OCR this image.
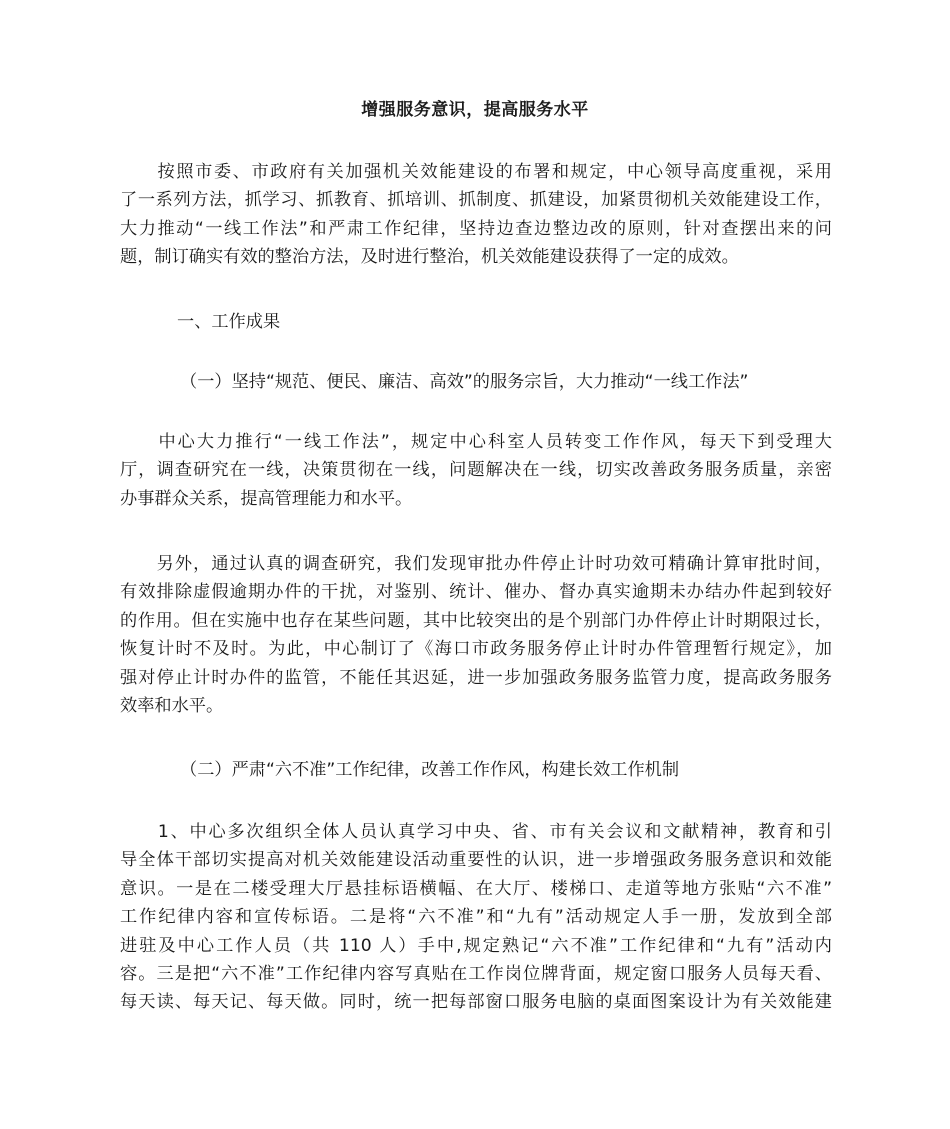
增强服务意识，提高服务水平
　　按照市委、市政府有关加强机关效能建设的布署和规定，中心领导高度重视，采用
了一系列方法，抓学习、抓教育、抓培训、抓制度、抓建设，加紧贯彻机关效能建设工作，
大力推动“一线工作法”和严肃工作纪律，坚持边查边整边改的原则，针对查摆出来的问
题，制订确实有效的整治方法，及时进行整治，机关效能建设获得了一定的成效。
一、工作成果
（一）坚持“规范、便民、廉洁、高效”的服务宗旨，大力推动“一线工作法”
　　中心大力推行“一线工作法”，规定中心科室人员转变工作作风，每天下到受理大
厅，调查研究在一线，决策贯彻在一线，问题解决在一线，切实改善政务服务质量，亲密
办事群众关系，提高管理能力和水平。
　　另外，通过认真的调查研究，我们发现审批办件停止计时功效可精确计算审批时间，
有效排除虚假逾期办件的干扰，对鉴别、统计、催办、督办真实逾期未办结办件起到较好
的作用。但在实施中也存在某些问题，其中比较突出的是个别部门办件停止计时期限过长，
恢复计时不及时。为此，中心制订了《海口市政务服务停止计时办件管理暂行规定》，加
强对停止计时办件的监管，不能任其迟延，进一步加强政务服务监管力度，提高政务服务
效率和水平。
（二）严肃“六不准”工作纪律，改善工作作风，构建长效工作机制
　　1、中心多次组织全体人员认真学习中央、省、市有关会议和文献精神，教育和引
导全体干部切实提高对机关效能建设活动重要性的认识，进一步增强政务服务意识和效能
意识。一是在二楼受理大厅悬挂标语横幅、在大厅、楼梯口、走道等地方张贴“六不准”
工作纪律内容和宣传标语。二是将“六不准”和“九有”活动规定人手一册，发放到全部
进驻及中心工作人员（共 110 人）手中,规定熟记“六不准”工作纪律和“九有”活动内
容。三是把“六不准”工作纪律内容写真贴在工作岗位牌背面，规定窗口服务人员每天看、
每天读、每天记、每天做。同时，统一把每部窗口服务电脑的桌面图案设计为有关效能建
